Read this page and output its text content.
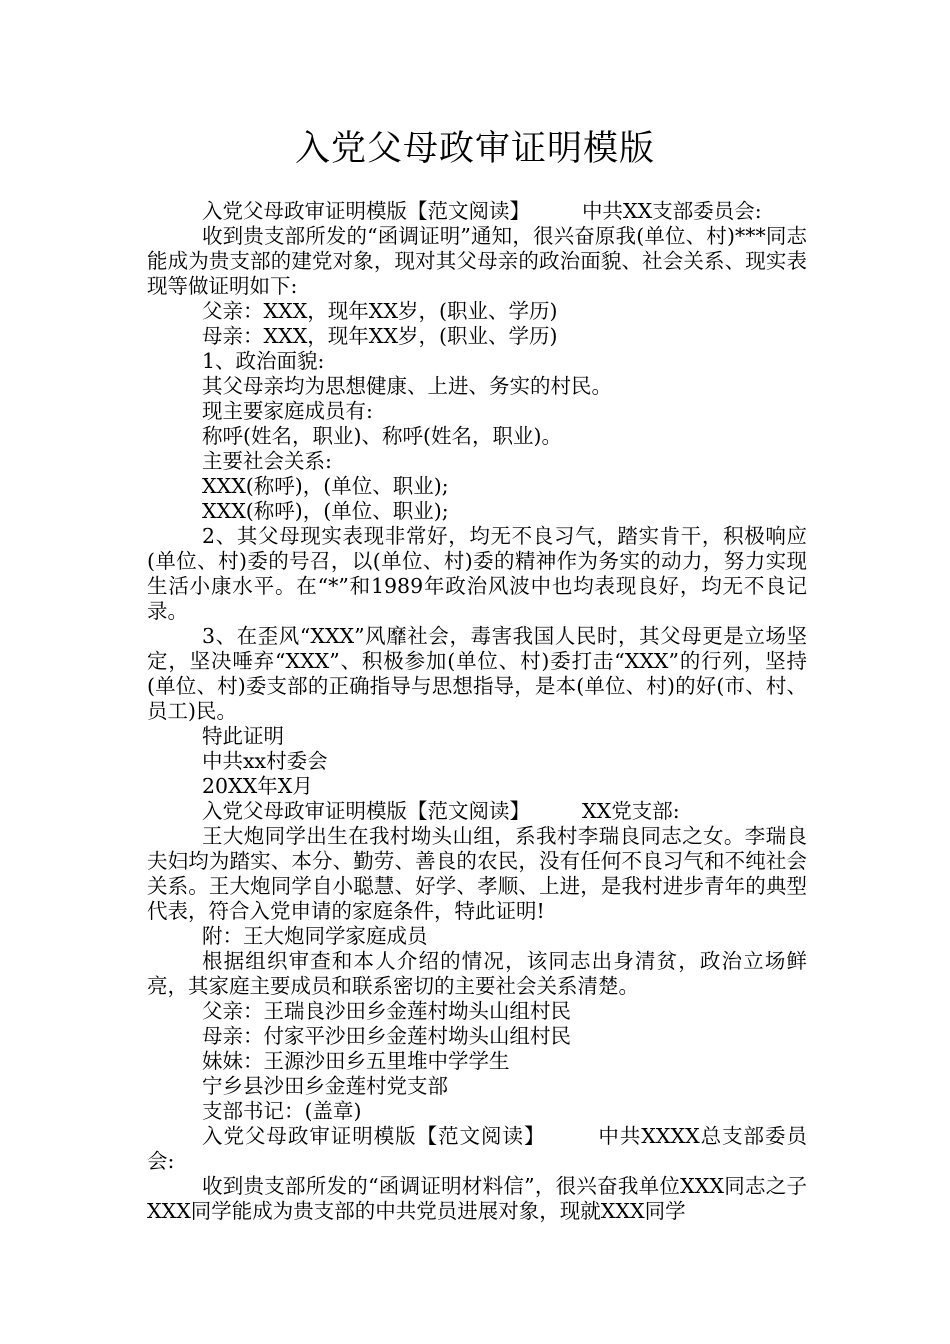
入党父母政审证明模版

入党父母政审证明模版【范文阅读】	中共XX支部委员会:

收到贵支部所发的“函调证明”通知，很兴奋原我(单位、村)***同志能成为贵支部的建党对象，现对其父母亲的政治面貌、社会关系、现实表现等做证明如下:

父亲：XXX，现年XX岁，(职业、学历)

母亲：XXX，现年XX岁，(职业、学历)

1、政治面貌:

其父母亲均为思想健康、上进、务实的村民。

现主要家庭成员有:

称呼(姓名，职业)、称呼(姓名，职业)。

主要社会关系:

XXX(称呼)，(单位、职业);

XXX(称呼)，(单位、职业);

2、其父母现实表现非常好，均无不良习气，踏实肯干，积极响应(单位、村)委的号召，以(单位、村)委的精神作为务实的动力，努力实现生活小康水平。在“*”和1989年政治风波中也均表现良好，均无不良记录。

3、在歪风“XXX”风靡社会，毒害我国人民时，其父母更是立场坚定，坚决唾弃“XXX”、积极参加(单位、村)委打击“XXX”的行列，坚持(单位、村)委支部的正确指导与思想指导，是本(单位、村)的好(市、村、员工)民。

特此证明

中共xx村委会

20XX年X月

入党父母政审证明模版【范文阅读】	XX党支部:

王大炮同学出生在我村坳头山组，系我村李瑞良同志之女。李瑞良夫妇均为踏实、本分、勤劳、善良的农民，没有任何不良习气和不纯社会关系。王大炮同学自小聪慧、好学、孝顺、上进，是我村进步青年的典型代表，符合入党申请的家庭条件，特此证明!

附：王大炮同学家庭成员

根据组织审查和本人介绍的情况，该同志出身清贫，政治立场鲜亮，其家庭主要成员和联系密切的主要社会关系清楚。

父亲：王瑞良沙田乡金莲村坳头山组村民

母亲：付家平沙田乡金莲村坳头山组村民

妹妹：王源沙田乡五里堆中学学生

宁乡县沙田乡金莲村党支部

支部书记：(盖章)

入党父母政审证明模版【范文阅读】	中共XXXX总支部委员会:

收到贵支部所发的“函调证明材料信”，很兴奋我单位XXX同志之子XXX同学能成为贵支部的中共党员进展对象，现就XXX同学
